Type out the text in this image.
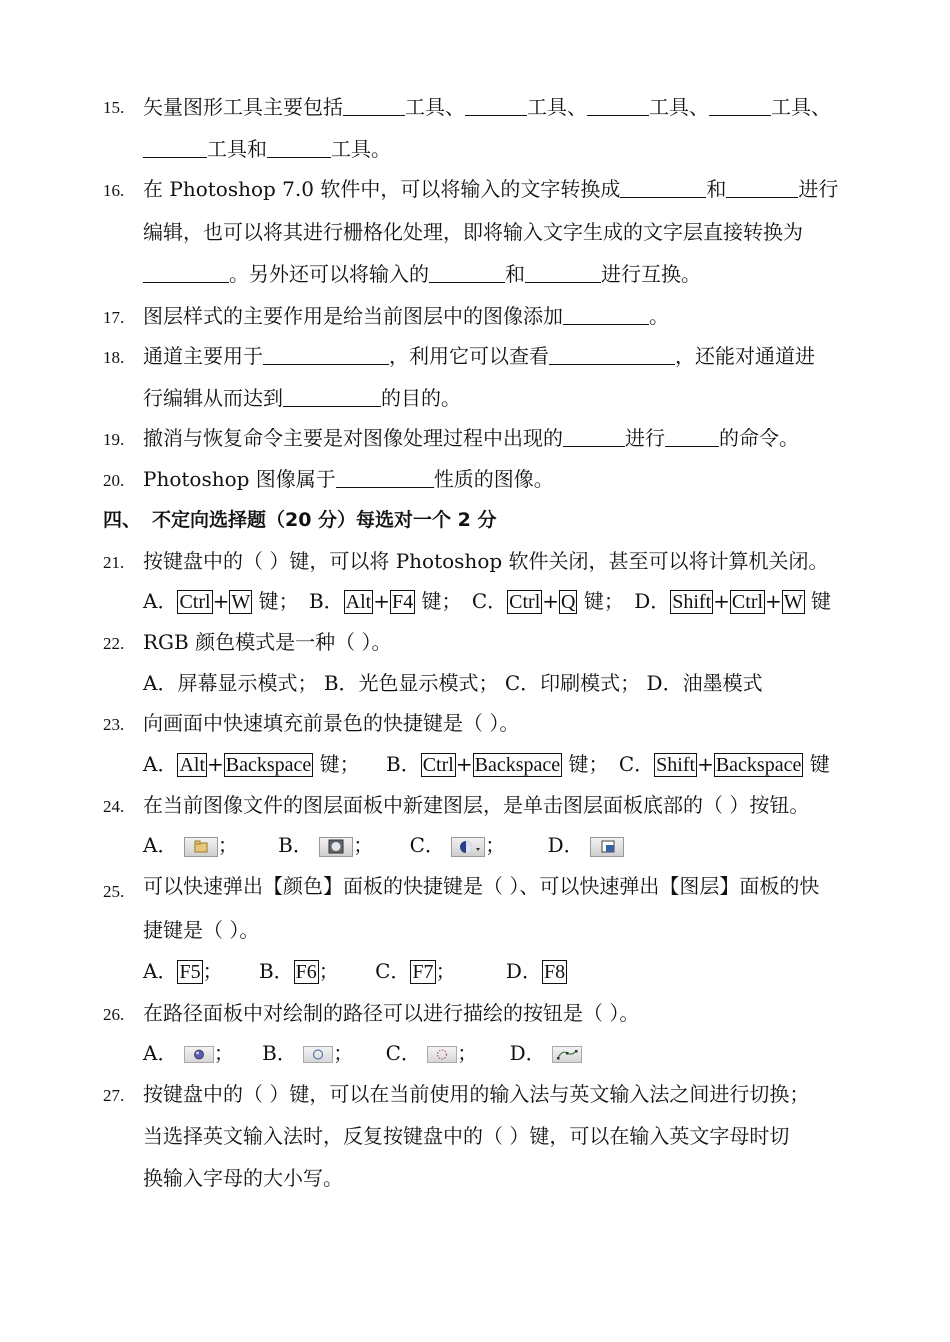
15. 矢量图形工具主要包括	工具、	工具、	工具、	工具、
工具和	工具。
16. 在 Photoshop 7.0 软件中，可以将输入的文字转换成	和	进行
编辑，也可以将其进行栅格化处理，即将输入文字生成的文字层直接转换为
。另外还可以将输入的	和	进行互换。
17. 图层样式的主要作用是给当前图层中的图像添加	。
18. 通道主要用于	，利用它可以查看	，还能对通道进
行编辑从而达到	的目的。
19. 撤消与恢复命令主要是对图像处理过程中出现的	进行	的命令。
20. Photoshop 图像属于	性质的图像。
四、 不定向选择题（20 分）每选对一个 2 分
21. 按键盘中的（ ）键，可以将 Photoshop 软件关闭，甚至可以将计算机关闭。
A． Ctrl + W 键； B． Alt + F4 键； C． Ctrl + Q 键； D． Shift + Ctrl + W 键
22. RGB 颜色模式是一种（ ）。
A．屏幕显示模式； B．光色显示模式； C．印刷模式； D．油墨模式
23. 向画面中快速填充前景色的快捷键是（ ）。
A． Alt + Backspace 键； B． Ctrl + Backspace 键； C． Shift + Backspace 键
24. 在当前图像文件的图层面板中新建图层，是单击图层面板底部的（ ）按钮。
A． ； B． ； C． ； D．
25. 可以快速弹出【颜色】面板的快捷键是（ ）、可以快速弹出【图层】面板的快
捷键是（ ）。
A． F5 ； B． F6 ； C． F7 ；	D． F8
26. 在路径面板中对绘制的路径可以进行描绘的按钮是（ ）。
A． ； B． ； C． ； D．
27. 按键盘中的（ ）键，可以在当前使用的输入法与英文输入法之间进行切换；
当选择英文输入法时，反复按键盘中的（ ）键，可以在输入英文字母时切
换输入字母的大小写。
